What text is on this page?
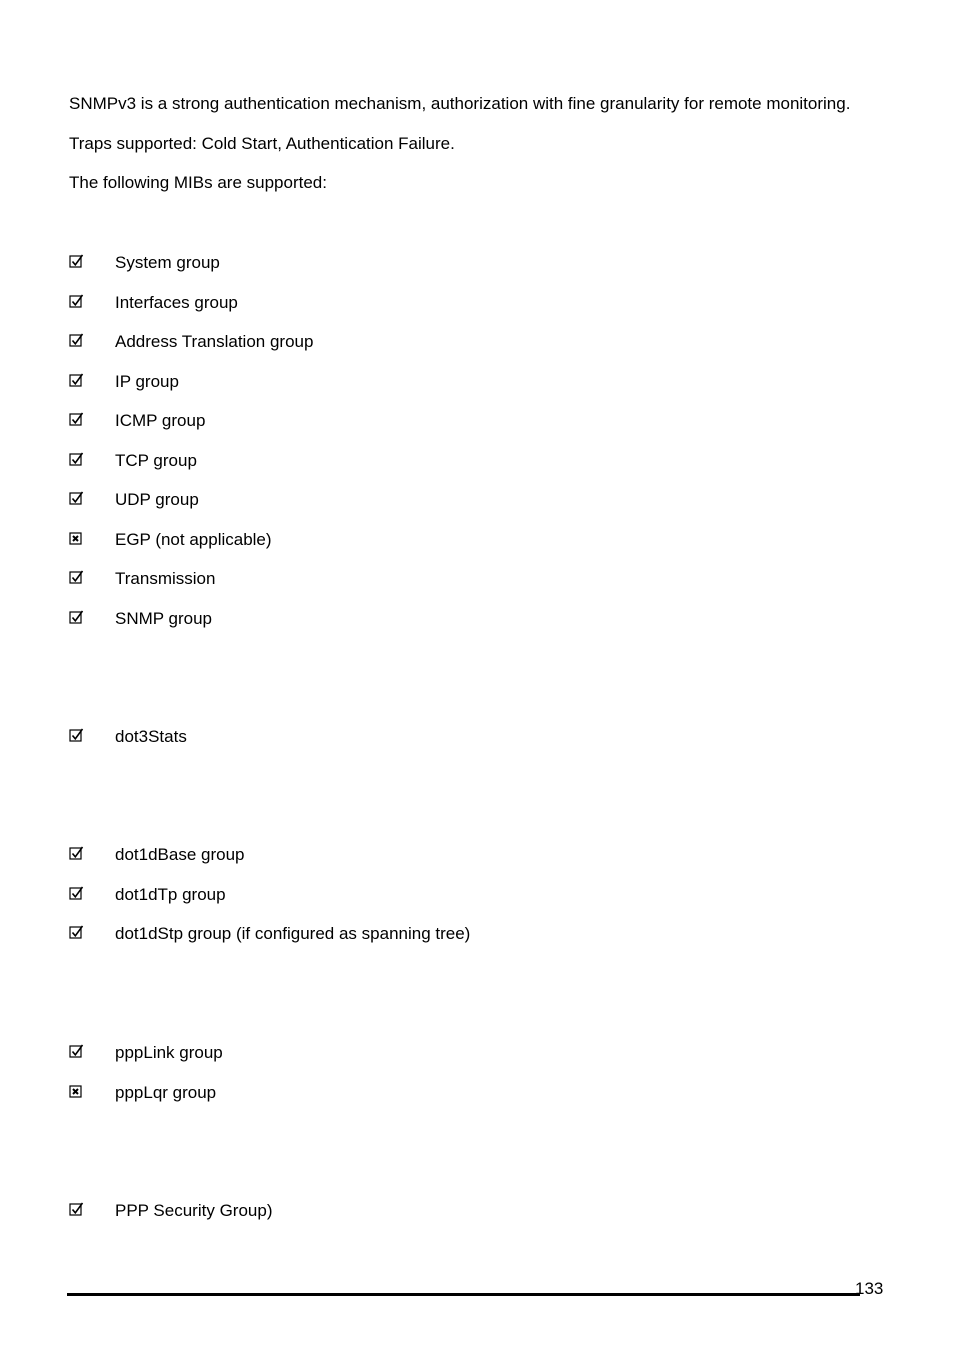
SNMPv3 is a strong authentication mechanism, authorization with fine granularity for remote monitoring.

Traps supported: Cold Start, Authentication Failure.

The following MIBs are supported:

System group
Interfaces group
Address Translation group
IP group
ICMP group
TCP group
UDP group
EGP (not applicable)
Transmission
SNMP group
dot3Stats
dot1dBase group
dot1dTp group
dot1dStp group (if configured as spanning tree)
pppLink group
pppLqr group
PPP Security Group)
133
